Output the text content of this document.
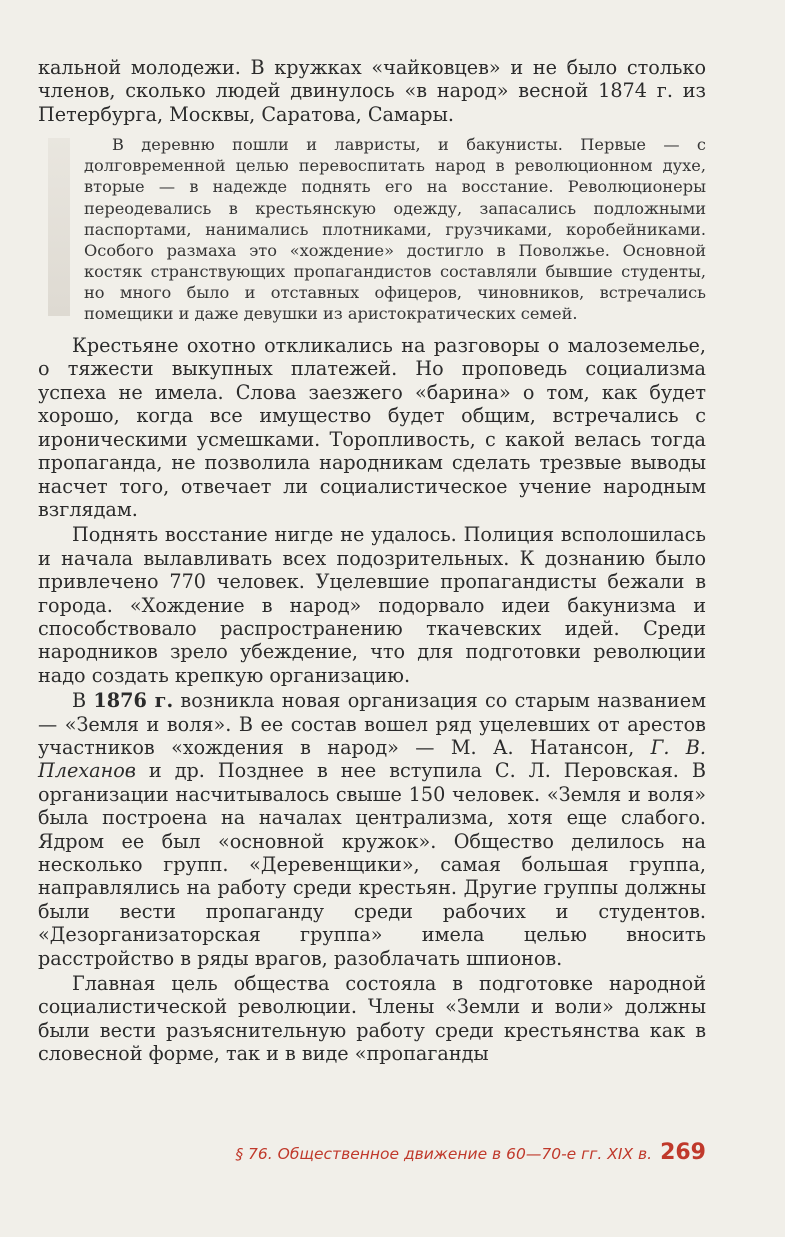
кальной молодежи. В кружках «чайковцев» и не было столько членов, сколько людей двинулось «в народ» весной 1874 г. из Петербурга, Москвы, Саратова, Самары.

В деревню пошли и лавристы, и бакунисты. Первые — с долговременной целью перевоспитать народ в революционном духе, вторые — в надежде поднять его на восстание. Революционеры переодевались в крестьянскую одежду, запасались подложными паспортами, нанимались плотниками, грузчиками, коробейниками. Особого размаха это «хождение» достигло в Поволжье. Основной костяк странствующих пропагандистов составляли бывшие студенты, но много было и отставных офицеров, чиновников, встречались помещики и даже девушки из аристократических семей.

Крестьяне охотно откликались на разговоры о малоземелье, о тяжести выкупных платежей. Но проповедь социализма успеха не имела. Слова заезжего «барина» о том, как будет хорошо, когда все имущество будет общим, встречались с ироническими усмешками. Торопливость, с какой велась тогда пропаганда, не позволила народникам сделать трезвые выводы насчет того, отвечает ли социалистическое учение народным взглядам.

Поднять восстание нигде не удалось. Полиция всполошилась и начала вылавливать всех подозрительных. К дознанию было привлечено 770 человек. Уцелевшие пропагандисты бежали в города. «Хождение в народ» подорвало идеи бакунизма и способствовало распространению ткачевских идей. Среди народников зрело убеждение, что для подготовки революции надо создать крепкую организацию.

В 1876 г. возникла новая организация со старым названием — «Земля и воля». В ее состав вошел ряд уцелевших от арестов участников «хождения в народ» — М. А. Натансон, Г. В. Плеханов и др. Позднее в нее вступила С. Л. Перовская. В организации насчитывалось свыше 150 человек. «Земля и воля» была построена на началах централизма, хотя еще слабого. Ядром ее был «основной кружок». Общество делилось на несколько групп. «Деревенщики», самая большая группа, направлялись на работу среди крестьян. Другие группы должны были вести пропаганду среди рабочих и студентов. «Дезорганизаторская группа» имела целью вносить расстройство в ряды врагов, разоблачать шпионов.

Главная цель общества состояла в подготовке народной социалистической революции. Члены «Земли и воли» должны были вести разъяснительную работу среди крестьянства как в словесной форме, так и в виде «пропаганды

§ 76. Общественное движение в 60—70-е гг. XIX в. 269
